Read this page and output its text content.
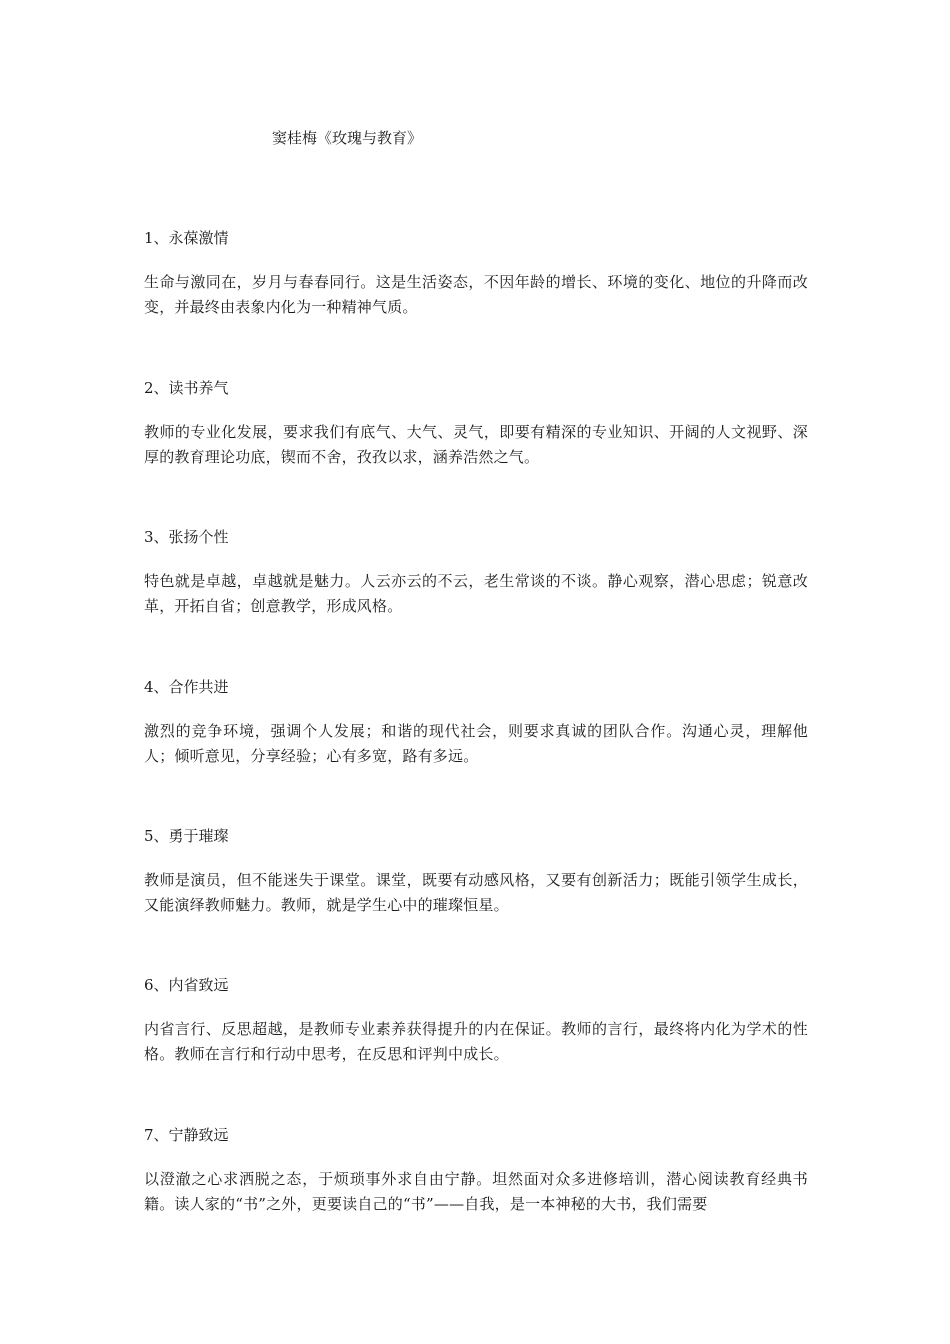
窦桂梅《玫瑰与教育》

1、永葆激情

生命与激同在，岁月与春春同行。这是生活姿态，不因年龄的增长、环境的变化、地位的升降而改变，并最终由表象内化为一种精神气质。

2、读书养气

教师的专业化发展，要求我们有底气、大气、灵气，即要有精深的专业知识、开阔的人文视野、深厚的教育理论功底，锲而不舍，孜孜以求，涵养浩然之气。

3、张扬个性

特色就是卓越，卓越就是魅力。人云亦云的不云，老生常谈的不谈。静心观察，潜心思虑；锐意改革，开拓自省；创意教学，形成风格。

4、合作共进

激烈的竞争环境，强调个人发展；和谐的现代社会，则要求真诚的团队合作。沟通心灵，理解他人；倾听意见，分享经验；心有多宽，路有多远。

5、勇于璀璨

教师是演员，但不能迷失于课堂。课堂，既要有动感风格，又要有创新活力；既能引领学生成长，又能演绎教师魅力。教师，就是学生心中的璀璨恒星。

6、内省致远

内省言行、反思超越，是教师专业素养获得提升的内在保证。教师的言行，最终将内化为学术的性格。教师在言行和行动中思考，在反思和评判中成长。

7、宁静致远

以澄澈之心求洒脱之态，于烦琐事外求自由宁静。坦然面对众多进修培训，潜心阅读教育经典书籍。读人家的“书”之外，更要读自己的“书”——自我，是一本神秘的大书，我们需要
